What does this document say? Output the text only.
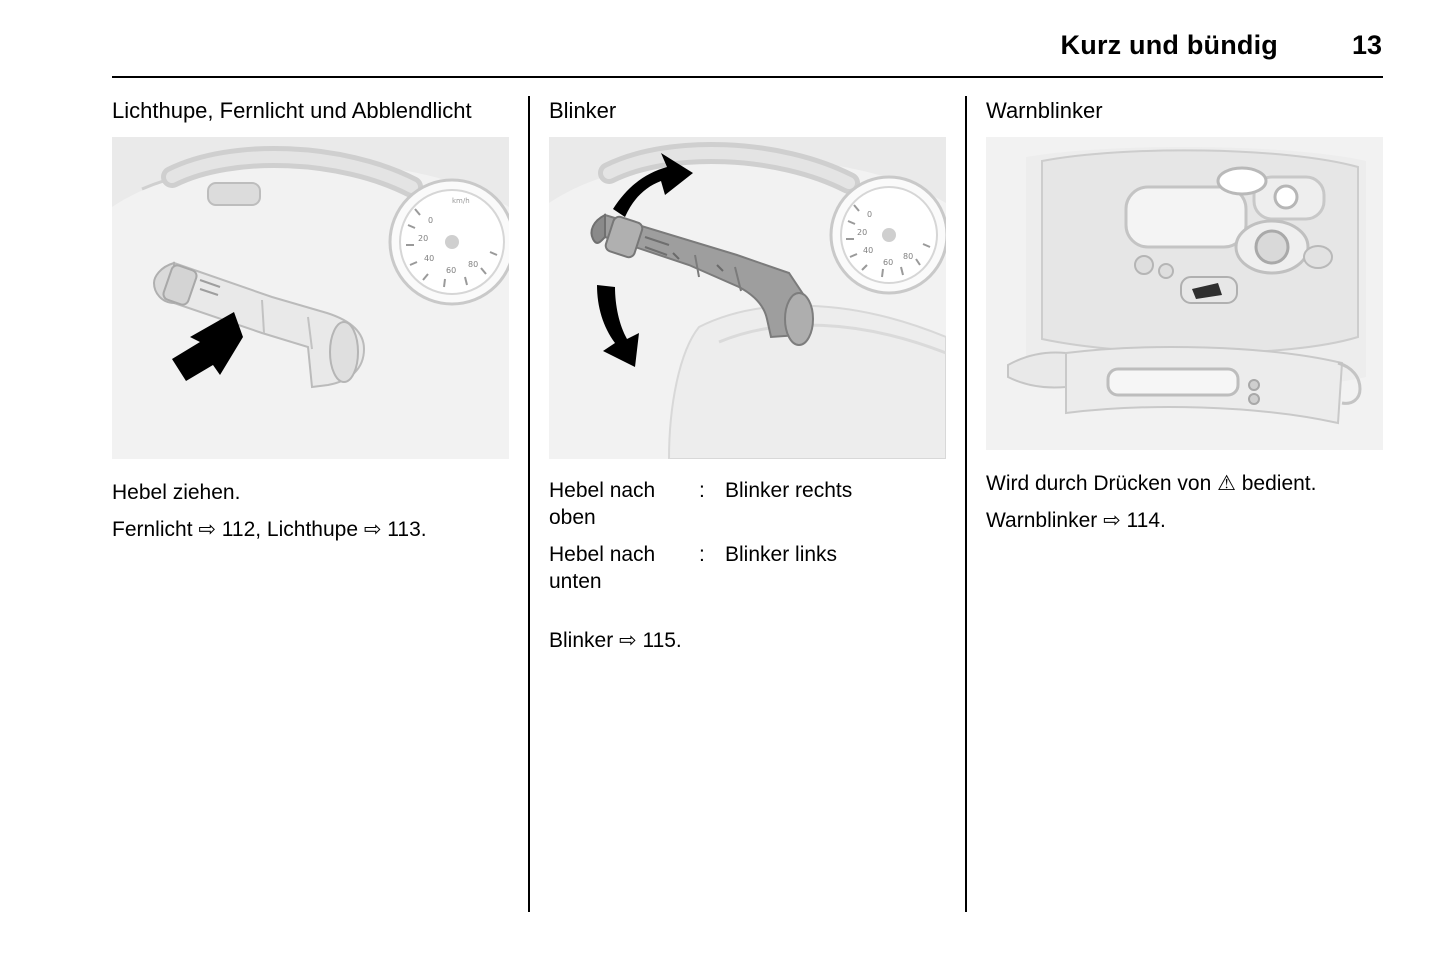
Kurz und bündig	13
Lichthupe, Fernlicht und Abblendlicht
0
20
40
60
80
km/h

Hebel ziehen.

Fernlicht ⇨ 112, Lichthupe ⇨ 113.

Blinker
0
20
40
60
80
Hebel nach oben	:	Blinker rechts
Hebel nach unten	:	Blinker links

Blinker ⇨ 115.

Warnblinker

Wird durch Drücken von ⚠ bedient.

Warnblinker ⇨ 114.
